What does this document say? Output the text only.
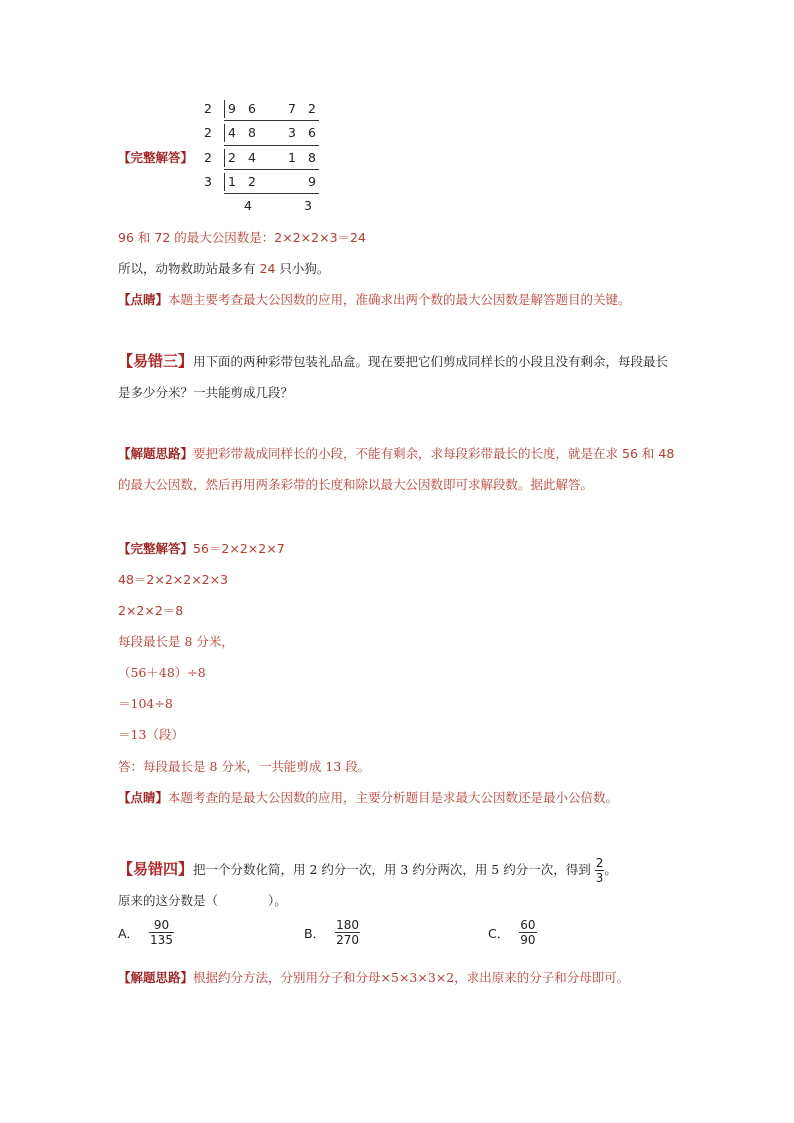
【完整解答】
2 9 6	7 2
2 4 8	3 6
2 2 4	1 8
3 1 2	9
4	3
96 和 72 的最大公因数是：2×2×2×3＝24
所以，动物救助站最多有 24 只小狗。
【点睛】本题主要考查最大公因数的应用，准确求出两个数的最大公因数是解答题目的关键。
【易错三】用下面的两种彩带包装礼品盒。现在要把它们剪成同样长的小段且没有剩余，每段最长是多少分米？一共能剪成几段？
【解题思路】要把彩带裁成同样长的小段，不能有剩余，求每段彩带最长的长度，就是在求 56 和 48 的最大公因数，然后再用两条彩带的长度和除以最大公因数即可求解段数。据此解答。
【完整解答】56＝2×2×2×7
48＝2×2×2×2×3
2×2×2＝8
每段最长是 8 分米，
（56＋48）÷8
＝104÷8
＝13（段）
答：每段最长是 8 分米，一共能剪成 13 段。
【点睛】本题考查的是最大公因数的应用，主要分析题目是求最大公因数还是最小公倍数。
【易错四】把一个分数化简，用 2 约分一次，用 3 约分两次，用 5 约分一次，得到 $\frac{2}{3}$ 。
原来的这分数是（　　　　）。
A． $\frac{90}{135}$	B． $\frac{180}{270}$	C． $\frac{60}{90}$
【解题思路】根据约分方法，分别用分子和分母×5×3×3×2，求出原来的分子和分母即可。
